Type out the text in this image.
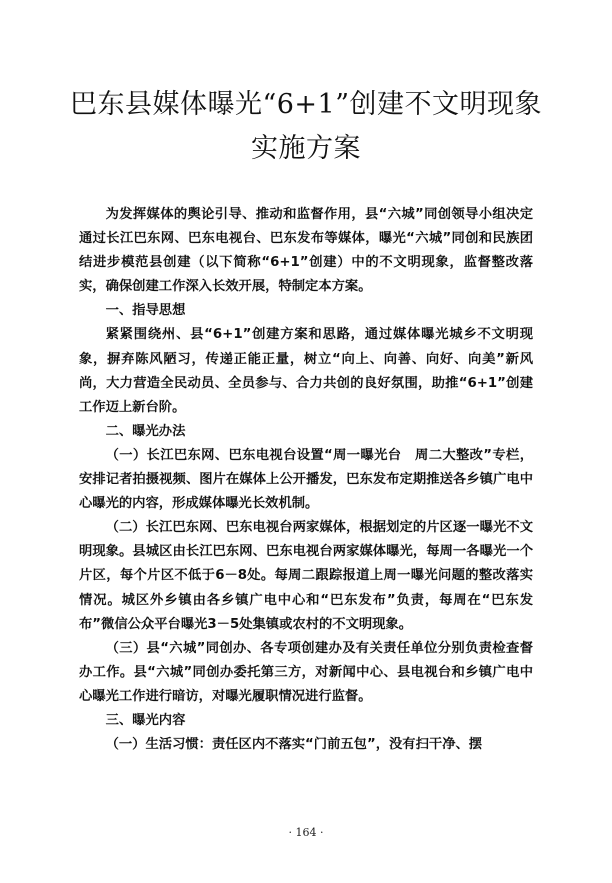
巴东县媒体曝光“6+1”创建不文明现象
实施方案

为发挥媒体的舆论引导、推动和监督作用，县“六城”同创领导小组决定通过长江巴东网、巴东电视台、巴东发布等媒体，曝光“六城”同创和民族团结进步模范县创建（以下简称“6+1”创建）中的不文明现象，监督整改落实，确保创建工作深入长效开展，特制定本方案。

一、指导思想

紧紧围绕州、县“6+1”创建方案和思路，通过媒体曝光城乡不文明现象，摒弃陈风陋习，传递正能正量，树立“向上、向善、向好、向美”新风尚，大力营造全民动员、全员参与、合力共创的良好氛围，助推“6+1”创建工作迈上新台阶。

二、曝光办法

（一）长江巴东网、巴东电视台设置“周一曝光台　周二大整改”专栏，安排记者拍摄视频、图片在媒体上公开播发，巴东发布定期推送各乡镇广电中心曝光的内容，形成媒体曝光长效机制。

（二）长江巴东网、巴东电视台两家媒体，根据划定的片区逐一曝光不文明现象。县城区由长江巴东网、巴东电视台两家媒体曝光，每周一各曝光一个片区，每个片区不低于6－8处。每周二跟踪报道上周一曝光问题的整改落实情况。城区外乡镇由各乡镇广电中心和“巴东发布”负责，每周在“巴东发布”微信公众平台曝光3－5处集镇或农村的不文明现象。

（三）县“六城”同创办、各专项创建办及有关责任单位分别负责检查督办工作。县“六城”同创办委托第三方，对新闻中心、县电视台和乡镇广电中心曝光工作进行暗访，对曝光履职情况进行监督。

三、曝光内容

（一）生活习惯：责任区内不落实“门前五包”，没有扫干净、摆

· 164 ·
